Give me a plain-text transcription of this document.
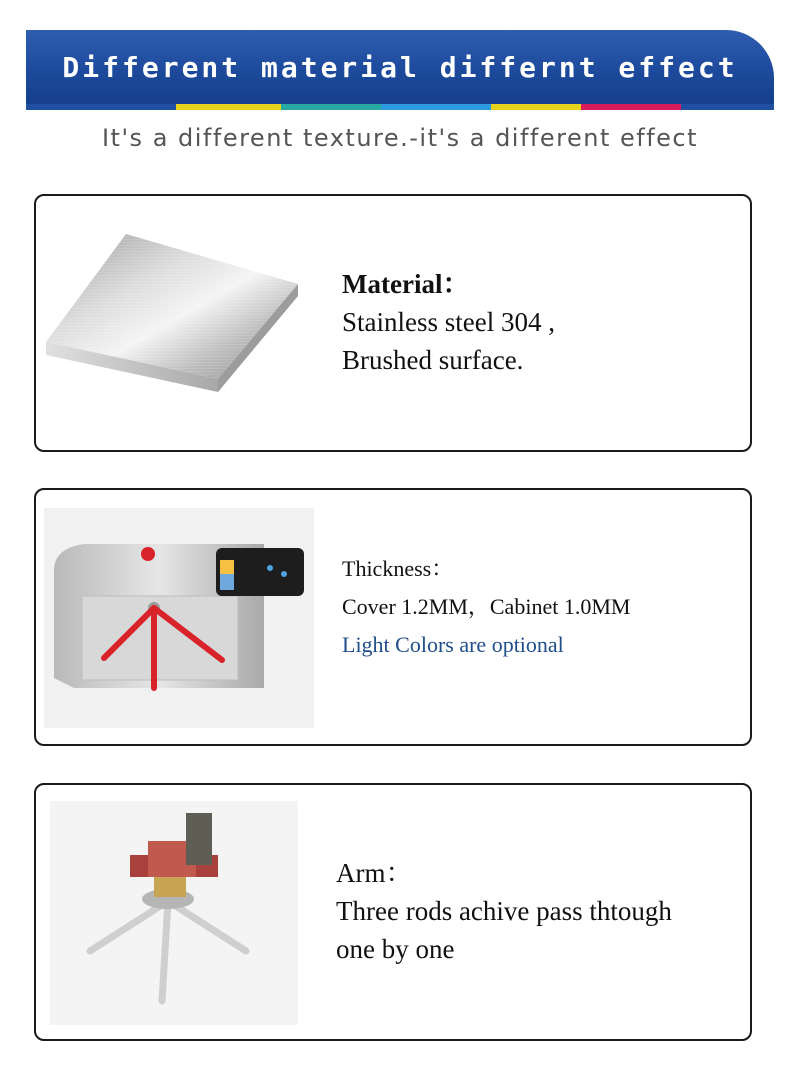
Different material differnt effect
It's a different texture.-it's a different effect
Material：
Stainless steel 304 ,
Brushed surface.
Thickness：
Cover 1.2MM，Cabinet 1.0MM
Light Colors are optional
Arm：
Three rods achive pass thtough
one by one
